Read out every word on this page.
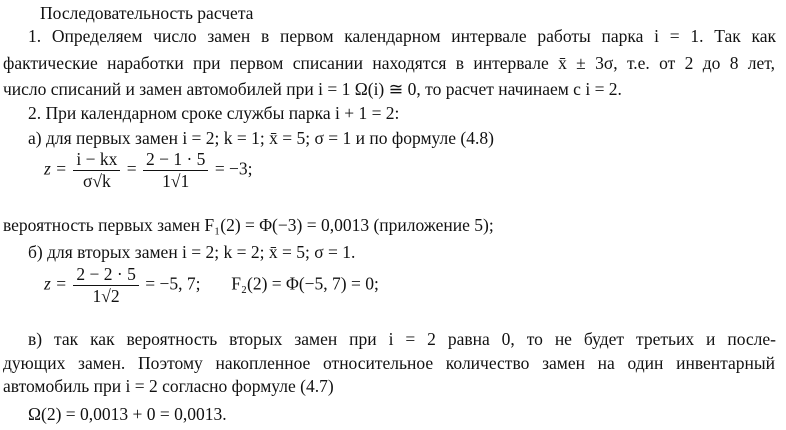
Последовательность расчета
1. Определяем число замен в первом календарном интервале работы парка i = 1. Так как
фактические наработки при первом списании находятся в интервале x̄ ± 3σ, т.е. от 2 до 8 лет,
число списаний и замен автомобилей при i = 1 Ω(i) ≅ 0, то расчет начинаем с i = 2.
2. При календарном сроке службы парка i + 1 = 2:
а) для первых замен i = 2; k = 1; x̄ = 5; σ = 1 и по формуле (4.8)
$z = \frac{i - kx}{\sigma√k} = \frac{2 - 1 \cdot 5}{1√1} = -3$;
вероятность первых замен F₁(2) = Φ(−3) = 0,0013 (приложение 5);
б) для вторых замен i = 2; k = 2; x̄ = 5; σ = 1.
$z = \frac{2 - 2 \cdot 5}{1√2} = -5$, 7; F₂(2) = Φ(−5, 7) = 0;
в) так как вероятность вторых замен при i = 2 равна 0, то не будет третьих и после-
дующих замен. Поэтому накопленное относительное количество замен на один инвентарный
автомобиль при i = 2 согласно формуле (4.7)
Ω(2) = 0,0013 + 0 = 0,0013.
